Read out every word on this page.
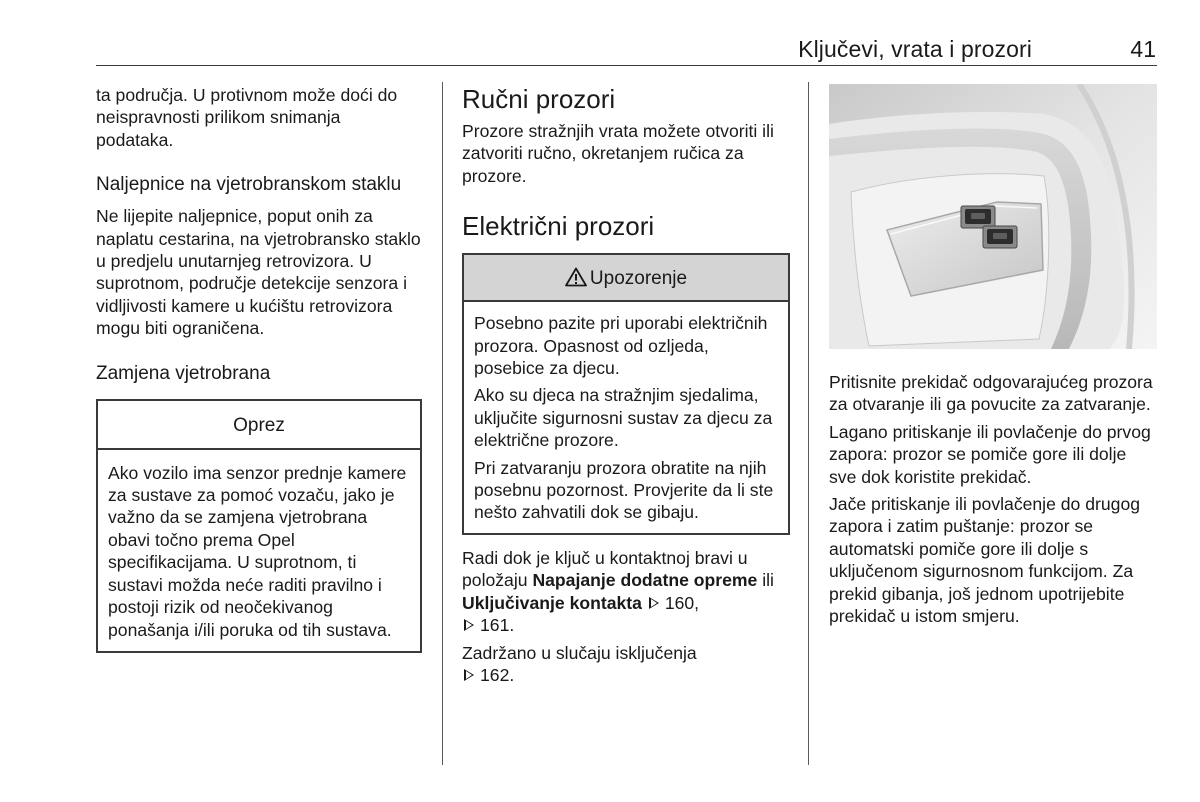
Ključevi, vrata i prozori	41

ta područja. U protivnom može doći do neispravnosti prilikom snimanja podataka.

Naljepnice na vjetrobranskom staklu

Ne lijepite naljepnice, poput onih za naplatu cestarina, na vjetrobransko staklo u predjelu unutarnjeg retrovizora. U suprotnom, područje detekcije senzora i vidljivosti kamere u kućištu retrovizora mogu biti ograničena.

Zamjena vjetrobrana
Oprez

Ako vozilo ima senzor prednje kamere za sustave za pomoć vozaču, jako je važno da se zamjena vjetrobrana obavi točno prema Opel specifikacijama. U suprotnom, ti sustavi možda neće raditi pravilno i postoji rizik od neočekivanog ponašanja i/ili poruka od tih sustava.

Ručni prozori

Prozore stražnjih vrata možete otvoriti ili zatvoriti ručno, okretanjem ručica za prozore.

Električni prozori
Upozorenje

Posebno pazite pri uporabi električnih prozora. Opasnost od ozljeda, posebice za djecu.

Ako su djeca na stražnjim sjedalima, uključite sigurnosni sustav za djecu za električne prozore.

Pri zatvaranju prozora obratite na njih posebnu pozornost. Provjerite da li ste nešto zahvatili dok se gibaju.

Radi dok je ključ u kontaktnoj bravi u položaju Napajanje dodatne opreme ili Uključivanje kontakta 160,
161.

Zadržano u slučaju isključenja
162.

Pritisnite prekidač odgovarajućeg prozora za otvaranje ili ga povucite za zatvaranje.

Lagano pritiskanje ili povlačenje do prvog zapora: prozor se pomiče gore ili dolje sve dok koristite prekidač.

Jače pritiskanje ili povlačenje do drugog zapora i zatim puštanje: prozor se automatski pomiče gore ili dolje s uključenom sigurnosnom funkcijom. Za prekid gibanja, još jednom upotrijebite prekidač u istom smjeru.
